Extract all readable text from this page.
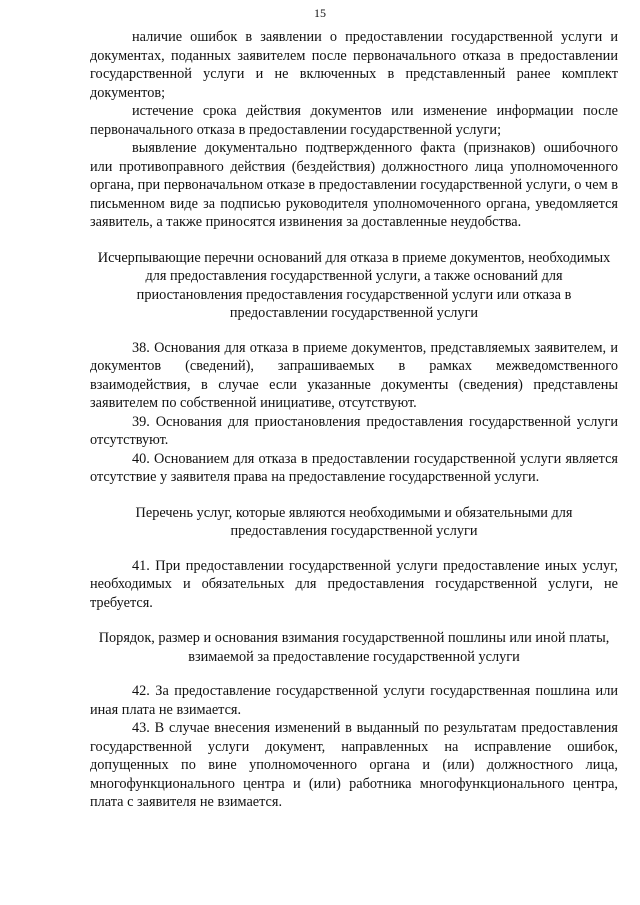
15

наличие ошибок в заявлении о предоставлении государственной услуги и документах, поданных заявителем после первоначального отказа в предоставлении государственной услуги и не включенных в представленный ранее комплект документов;

истечение срока действия документов или изменение информации после первоначального отказа в предоставлении государственной услуги;

выявление документально подтвержденного факта (признаков) ошибочного или противоправного действия (бездействия) должностного лица уполномоченного органа, при первоначальном отказе в предоставлении государственной услуги, о чем в письменном виде за подписью руководителя уполномоченного органа, уведомляется заявитель, а также приносятся извинения за доставленные неудобства.

Исчерпывающие перечни оснований для отказа в приеме документов, необходимых для предоставления государственной услуги, а также оснований для приостановления предоставления государственной услуги или отказа в предоставлении государственной услуги

38. Основания для отказа в приеме документов, представляемых заявителем, и документов (сведений), запрашиваемых в рамках межведомственного взаимодействия, в случае если указанные документы (сведения) представлены заявителем по собственной инициативе, отсутствуют.

39. Основания для приостановления предоставления государственной услуги отсутствуют.

40. Основанием для отказа в предоставлении государственной услуги является отсутствие у заявителя права на предоставление государственной услуги.

Перечень услуг, которые являются необходимыми и обязательными для предоставления государственной услуги

41. При предоставлении государственной услуги предоставление иных услуг, необходимых и обязательных для предоставления государственной услуги, не требуется.

Порядок, размер и основания взимания государственной пошлины или иной платы, взимаемой за предоставление государственной услуги

42. За предоставление государственной услуги государственная пошлина или иная плата не взимается.

43. В случае внесения изменений в выданный по результатам предоставления государственной услуги документ, направленных на исправление ошибок, допущенных по вине уполномоченного органа и (или) должностного лица, многофункционального центра и (или) работника многофункционального центра, плата с заявителя не взимается.
